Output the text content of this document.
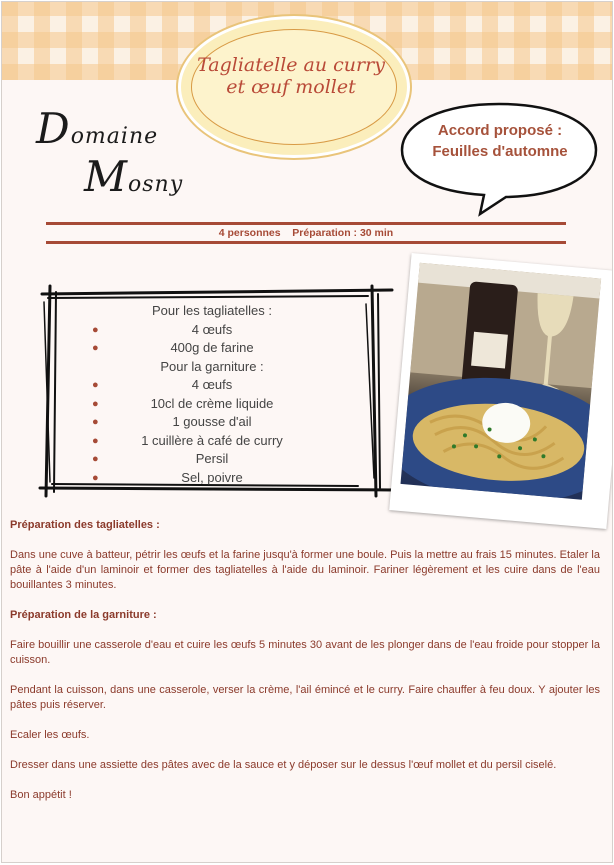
Tagliatelle au curry
et œuf mollet
Domaine
Mosny
Accord proposé :
Feuilles d'automne
4 personnes Préparation : 30 min
Pour les tagliatelles :
●	4 œufs
●	400g de farine
Pour la garniture :
●	4 œufs
●	10cl de crème liquide
●	1 gousse d'ail
●	1 cuillère à café de curry
●	Persil
●	Sel, poivre

Préparation des tagliatelles :

Dans une cuve à batteur, pétrir les œufs et la farine jusqu'à former une boule. Puis la mettre au frais 15 minutes. Etaler la pâte à l'aide d'un laminoir et former des tagliatelles à l'aide du laminoir. Fariner légèrement et les cuire dans de l'eau bouillantes 3 minutes.

Préparation de la garniture :

Faire bouillir une casserole d'eau et cuire les œufs 5 minutes 30 avant de les plonger dans de l'eau froide pour stopper la cuisson.

Pendant la cuisson, dans une casserole, verser la crème, l'ail émincé et le curry. Faire chauffer à feu doux. Y ajouter les pâtes puis réserver.

Ecaler les œufs.

Dresser dans une assiette des pâtes avec de la sauce et y déposer sur le dessus l'œuf mollet et du persil ciselé.

Bon appétit !
